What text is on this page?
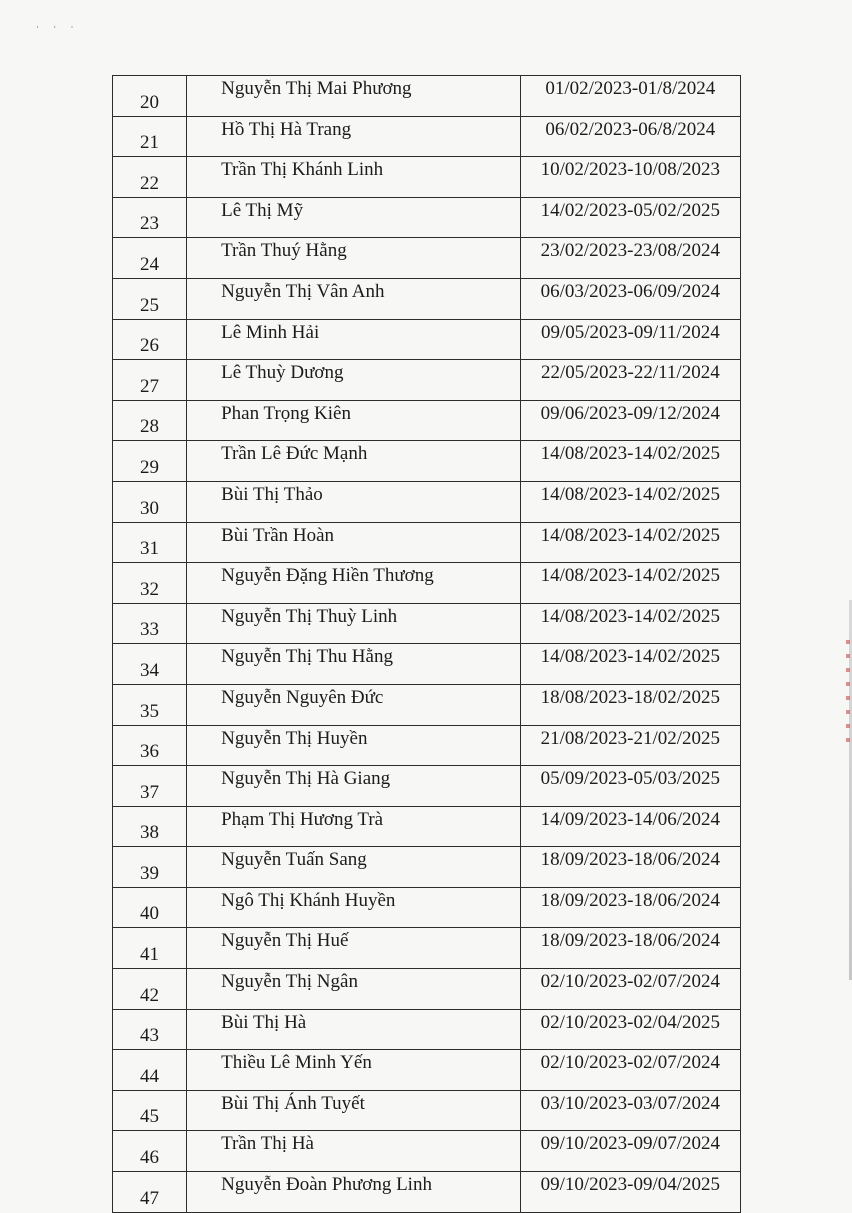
· · ·
20	Nguyễn Thị Mai Phương	01/02/2023-01/8/2024
21	Hồ Thị Hà Trang	06/02/2023-06/8/2024
22	Trần Thị Khánh Linh	10/02/2023-10/08/2023
23	Lê Thị Mỹ	14/02/2023-05/02/2025
24	Trần Thuý Hằng	23/02/2023-23/08/2024
25	Nguyễn Thị Vân Anh	06/03/2023-06/09/2024
26	Lê Minh Hải	09/05/2023-09/11/2024
27	Lê Thuỳ Dương	22/05/2023-22/11/2024
28	Phan Trọng Kiên	09/06/2023-09/12/2024
29	Trần Lê Đức Mạnh	14/08/2023-14/02/2025
30	Bùi Thị Thảo	14/08/2023-14/02/2025
31	Bùi Trần Hoàn	14/08/2023-14/02/2025
32	Nguyễn Đặng Hiền Thương	14/08/2023-14/02/2025
33	Nguyễn Thị Thuỳ Linh	14/08/2023-14/02/2025
34	Nguyễn Thị Thu Hằng	14/08/2023-14/02/2025
35	Nguyễn Nguyên Đức	18/08/2023-18/02/2025
36	Nguyễn Thị Huyền	21/08/2023-21/02/2025
37	Nguyễn Thị Hà Giang	05/09/2023-05/03/2025
38	Phạm Thị Hương Trà	14/09/2023-14/06/2024
39	Nguyễn Tuấn Sang	18/09/2023-18/06/2024
40	Ngô Thị Khánh Huyền	18/09/2023-18/06/2024
41	Nguyễn Thị Huế	18/09/2023-18/06/2024
42	Nguyễn Thị Ngân	02/10/2023-02/07/2024
43	Bùi Thị Hà	02/10/2023-02/04/2025
44	Thiều Lê Minh Yến	02/10/2023-02/07/2024
45	Bùi Thị Ánh Tuyết	03/10/2023-03/07/2024
46	Trần Thị Hà	09/10/2023-09/07/2024
47	Nguyễn Đoàn Phương Linh	09/10/2023-09/04/2025
